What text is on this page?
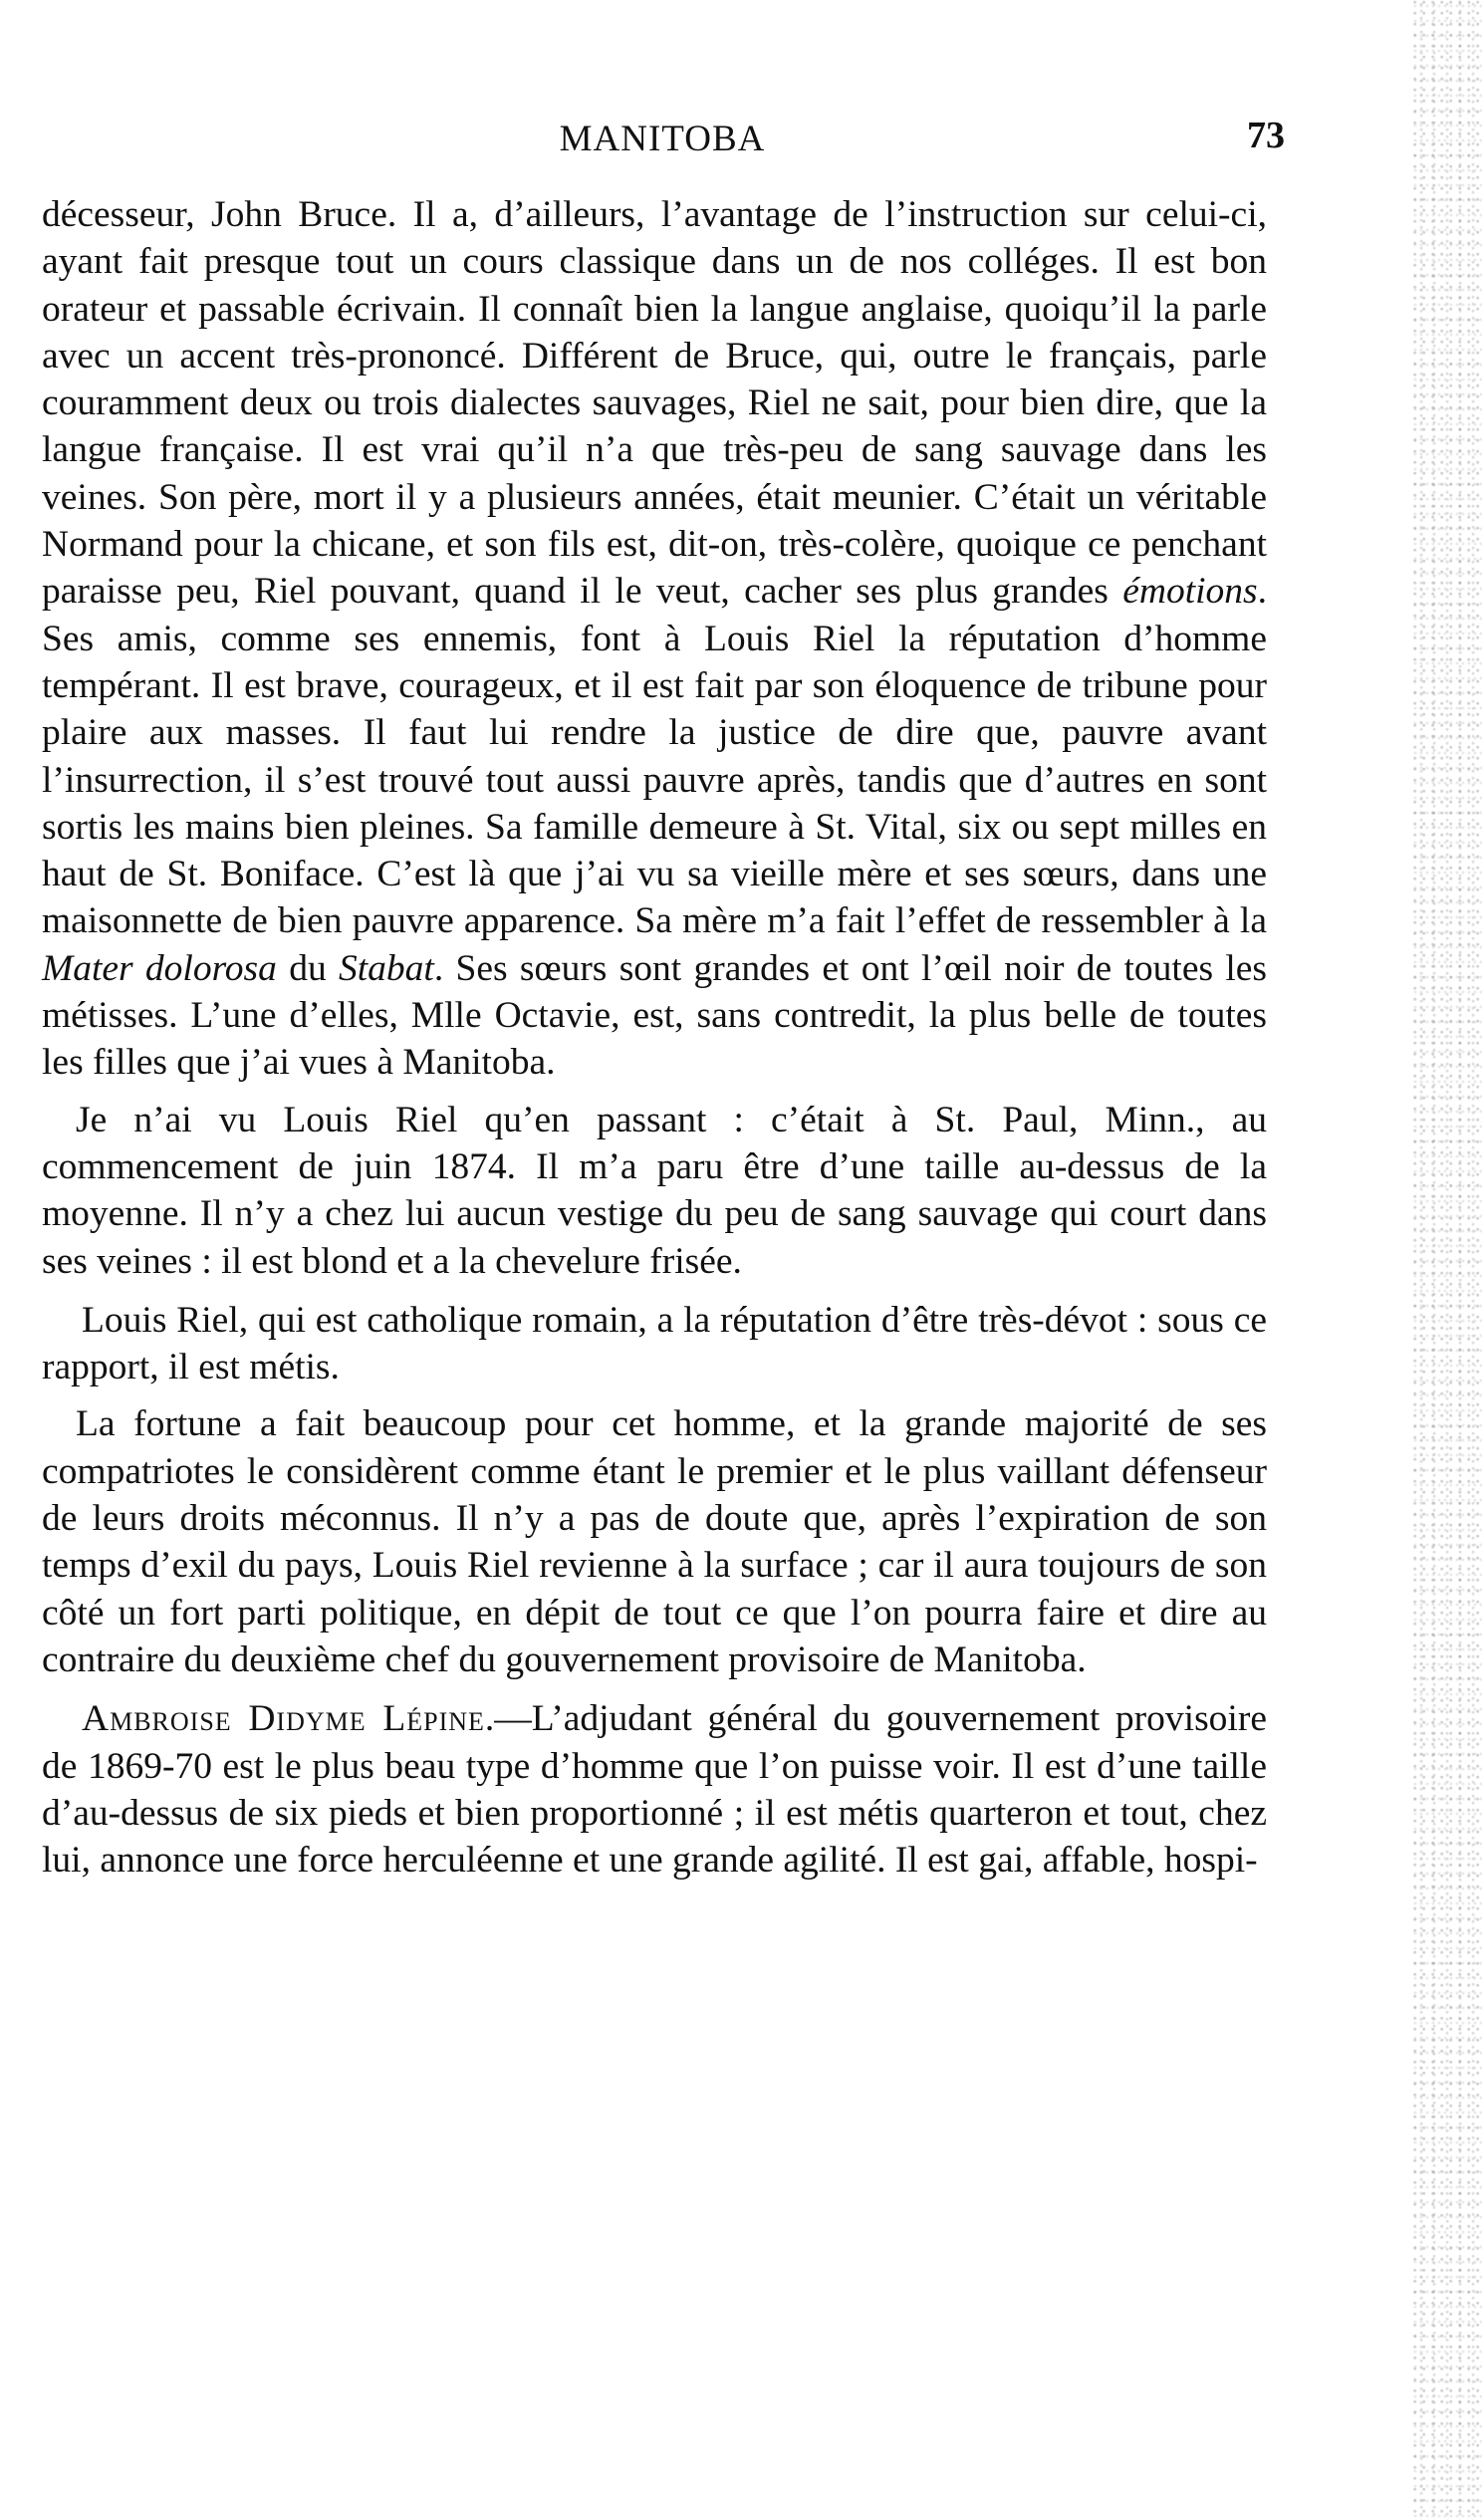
MANITOBA	73

décesseur, John Bruce. Il a, d’ailleurs, l’avantage de l’instruction sur celui-ci, ayant fait presque tout un cours classique dans un de nos colléges. Il est bon orateur et passable écrivain. Il connaît bien la langue anglaise, quoiqu’il la parle avec un accent très-prononcé. Différent de Bruce, qui, outre le français, parle couramment deux ou trois dialectes sauvages, Riel ne sait, pour bien dire, que la langue française. Il est vrai qu’il n’a que très-peu de sang sauvage dans les veines. Son père, mort il y a plusieurs années, était meunier. C’était un véritable Normand pour la chicane, et son fils est, dit-on, très-colère, quoique ce penchant paraisse peu, Riel pouvant, quand il le veut, cacher ses plus grandes émotions. Ses amis, comme ses ennemis, font à Louis Riel la réputation d’homme tempérant. Il est brave, courageux, et il est fait par son éloquence de tribune pour plaire aux masses. Il faut lui rendre la justice de dire que, pauvre avant l’insurrection, il s’est trouvé tout aussi pauvre après, tandis que d’autres en sont sortis les mains bien pleines. Sa famille demeure à St. Vital, six ou sept milles en haut de St. Boniface. C’est là que j’ai vu sa vieille mère et ses sœurs, dans une maisonnette de bien pauvre apparence. Sa mère m’a fait l’effet de ressembler à la Mater dolorosa du Stabat. Ses sœurs sont grandes et ont l’œil noir de toutes les métisses. L’une d’elles, Mlle Octavie, est, sans contredit, la plus belle de toutes les filles que j’ai vues à Manitoba.

Je n’ai vu Louis Riel qu’en passant : c’était à St. Paul, Minn., au commencement de juin 1874. Il m’a paru être d’une taille au-dessus de la moyenne. Il n’y a chez lui aucun vestige du peu de sang sauvage qui court dans ses veines : il est blond et a la chevelure frisée.

Louis Riel, qui est catholique romain, a la réputation d’être très-dévot : sous ce rapport, il est métis.

La fortune a fait beaucoup pour cet homme, et la grande majorité de ses compatriotes le considèrent comme étant le premier et le plus vaillant défenseur de leurs droits méconnus. Il n’y a pas de doute que, après l’expiration de son temps d’exil du pays, Louis Riel revienne à la surface ; car il aura toujours de son côté un fort parti politique, en dépit de tout ce que l’on pourra faire et dire au contraire du deuxième chef du gouvernement provisoire de Manitoba.

Ambroise Didyme Lépine.—L’adjudant général du gouvernement provisoire de 1869-70 est le plus beau type d’homme que l’on puisse voir. Il est d’une taille d’au-dessus de six pieds et bien proportionné ; il est métis quarteron et tout, chez lui, annonce une force herculéenne et une grande agilité. Il est gai, affable, hospi-
